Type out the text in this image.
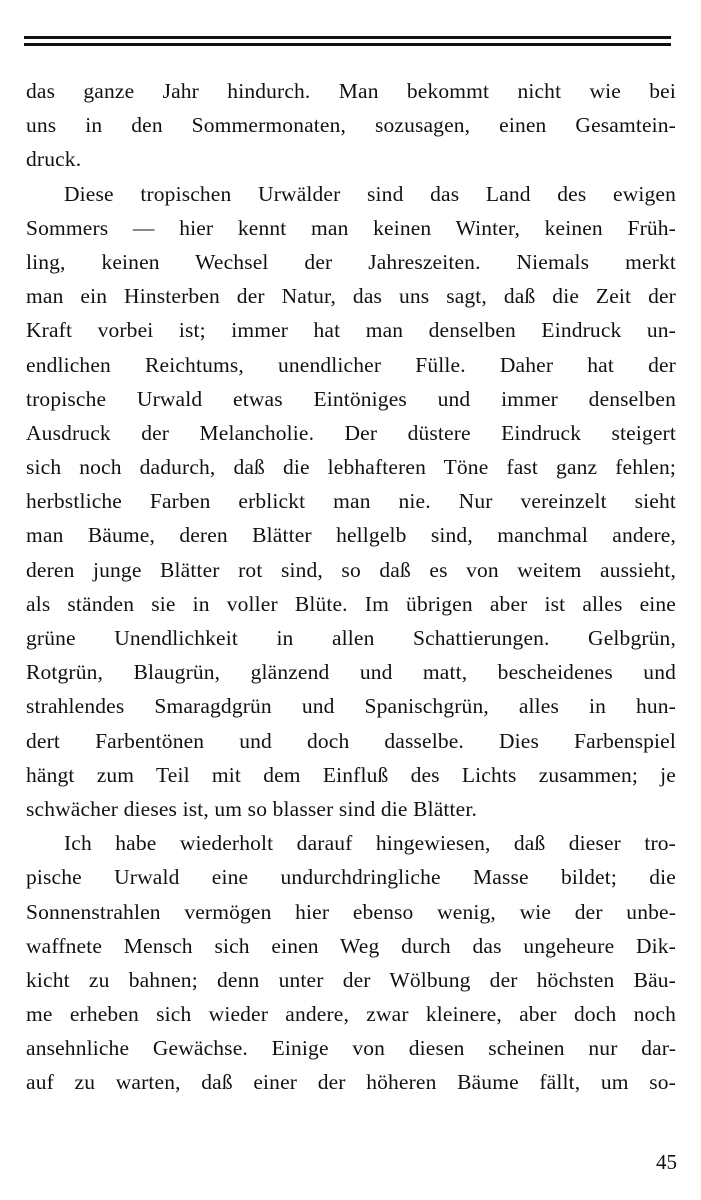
das ganze Jahr hindurch. Man bekommt nicht wie bei
uns in den Sommermonaten, sozusagen, einen Gesamtein-
druck.
Diese tropischen Urwälder sind das Land des ewigen
Sommers — hier kennt man keinen Winter, keinen Früh-
ling, keinen Wechsel der Jahreszeiten. Niemals merkt
man ein Hinsterben der Natur, das uns sagt, daß die Zeit der
Kraft vorbei ist; immer hat man denselben Eindruck un-
endlichen Reichtums, unendlicher Fülle. Daher hat der
tropische Urwald etwas Eintöniges und immer denselben
Ausdruck der Melancholie. Der düstere Eindruck steigert
sich noch dadurch, daß die lebhafteren Töne fast ganz fehlen;
herbstliche Farben erblickt man nie. Nur vereinzelt sieht
man Bäume, deren Blätter hellgelb sind, manchmal andere,
deren junge Blätter rot sind, so daß es von weitem aussieht,
als ständen sie in voller Blüte. Im übrigen aber ist alles eine
grüne Unendlichkeit in allen Schattierungen. Gelbgrün,
Rotgrün, Blaugrün, glänzend und matt, bescheidenes und
strahlendes Smaragdgrün und Spanischgrün, alles in hun-
dert Farbentönen und doch dasselbe. Dies Farbenspiel
hängt zum Teil mit dem Einfluß des Lichts zusammen; je
schwächer dieses ist, um so blasser sind die Blätter.
Ich habe wiederholt darauf hingewiesen, daß dieser tro-
pische Urwald eine undurchdringliche Masse bildet; die
Sonnenstrahlen vermögen hier ebenso wenig, wie der unbe-
waffnete Mensch sich einen Weg durch das ungeheure Dik-
kicht zu bahnen; denn unter der Wölbung der höchsten Bäu-
me erheben sich wieder andere, zwar kleinere, aber doch noch
ansehnliche Gewächse. Einige von diesen scheinen nur dar-
auf zu warten, daß einer der höheren Bäume fällt, um so-
45
